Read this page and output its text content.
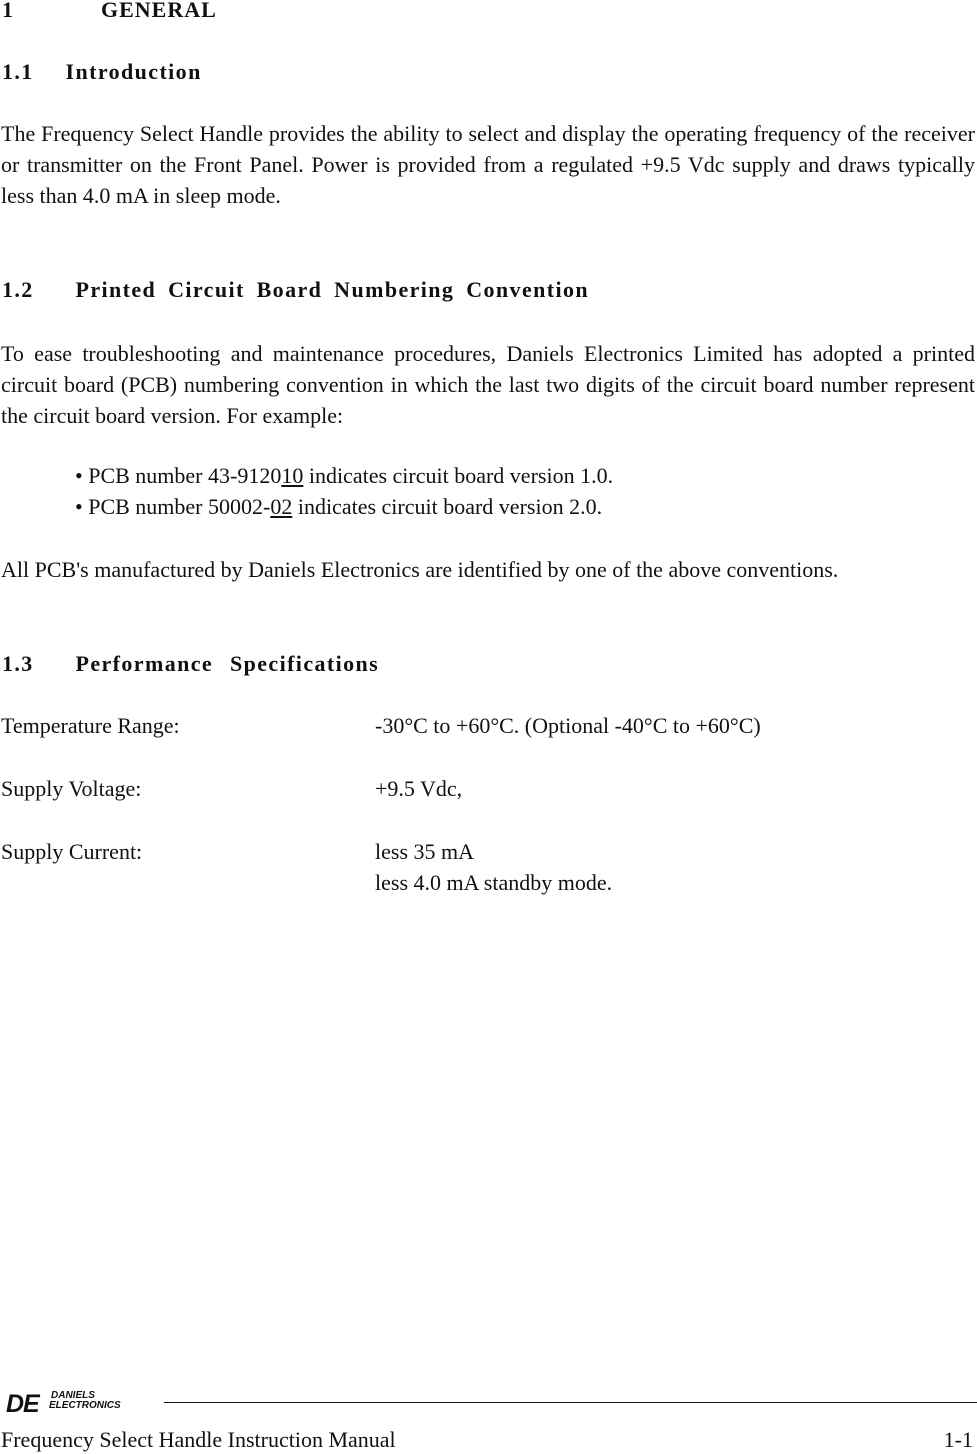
1	GENERAL
1.1 Introduction
The Frequency Select Handle provides the ability to select and display the operating frequency of the receiver or transmitter on the Front Panel. Power is provided from a regulated +9.5 Vdc supply and draws typically less than 4.0 mA in sleep mode.
1.2 Printed Circuit Board Numbering Convention
To ease troubleshooting and maintenance procedures, Daniels Electronics Limited has adopted a printed circuit board (PCB) numbering convention in which the last two digits of the circuit board number represent the circuit board version. For example:
• PCB number 43-912010 indicates circuit board version 1.0.
• PCB number 50002-02 indicates circuit board version 2.0.
All PCB's manufactured by Daniels Electronics are identified by one of the above conventions.
1.3 Performance Specifications
Temperature Range:	-30°C to +60°C. (Optional -40°C to +60°C)
Supply Voltage:	+9.5 Vdc,
Supply Current:	less 35 mA
less 4.0 mA standby mode.
DE DANIELS
ELECTRONICS
Frequency Select Handle Instruction Manual	1-1
